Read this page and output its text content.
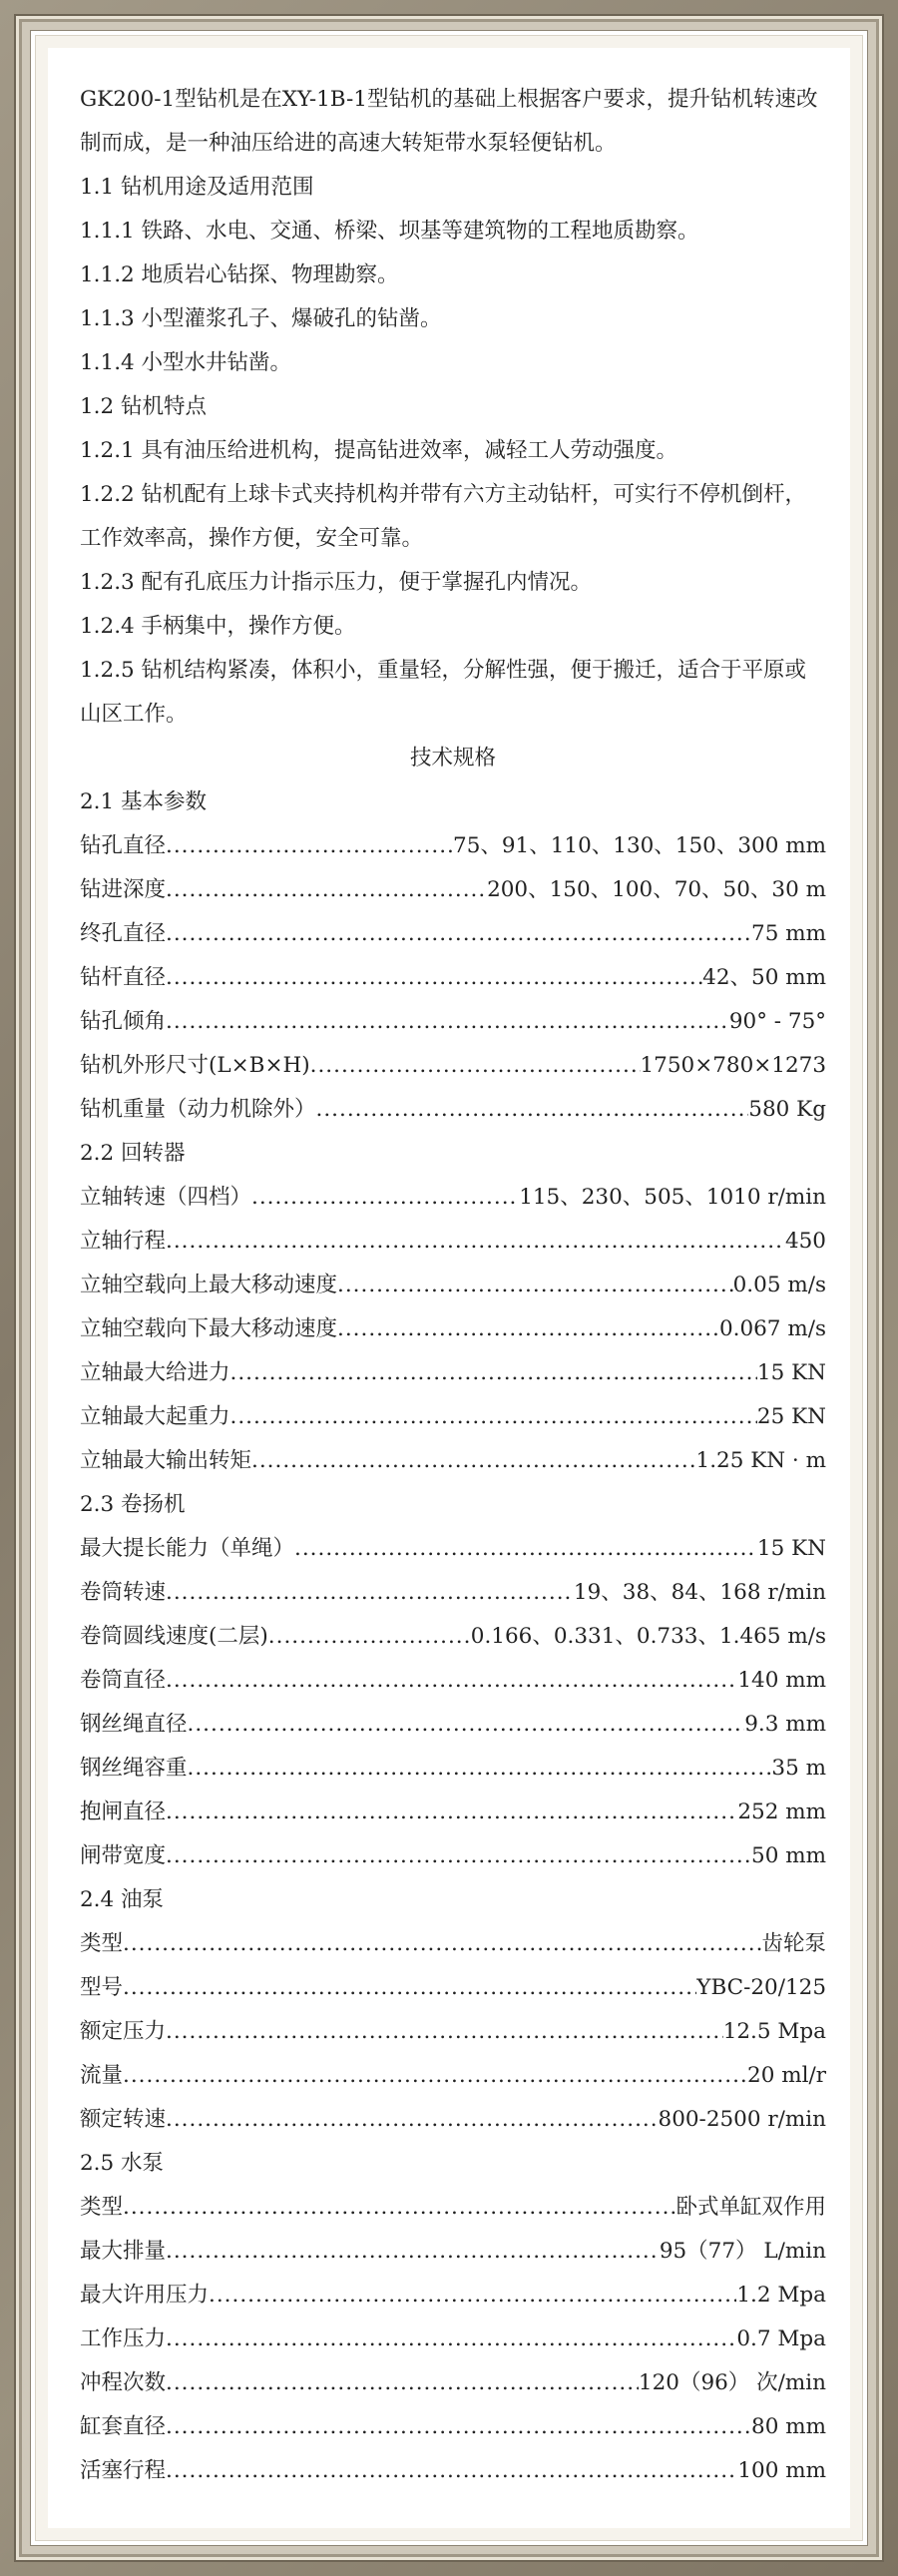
GK200-1型钻机是在XY-1B-1型钻机的基础上根据客户要求，提升钻机转速改制而成，是一种油压给进的高速大转矩带水泵轻便钻机。

1.1 钻机用途及适用范围
1.1.1 铁路、水电、交通、桥梁、坝基等建筑物的工程地质勘察。
1.1.2 地质岩心钻探、物理勘察。
1.1.3 小型灌浆孔子、爆破孔的钻凿。
1.1.4 小型水井钻凿。
1.2 钻机特点
1.2.1 具有油压给进机构，提高钻进效率，减轻工人劳动强度。

1.2.2 钻机配有上球卡式夹持机构并带有六方主动钻杆，可实行不停机倒杆，工作效率高，操作方便，安全可靠。

1.2.3 配有孔底压力计指示压力，便于掌握孔内情况。
1.2.4 手柄集中，操作方便。

1.2.5 钻机结构紧凑，体积小，重量轻，分解性强，便于搬迁，适合于平原或山区工作。

技术规格
2.1 基本参数
钻孔直径 .....	75、91、110、130、150、300 mm
钻进深度 .....	200、150、100、70、50、30 m
终孔直径 .....	75 mm
钻杆直径 .....	42、50 mm
钻孔倾角 .....	90° - 75°
钻机外形尺寸(L×B×H) .....	1750×780×1273
钻机重量（动力机除外） .....	580 Kg
2.2 回转器
立轴转速（四档） .....	115、230、505、1010 r/min
立轴行程 .....	450
立轴空载向上最大移动速度 .....	0.05 m/s
立轴空载向下最大移动速度 .....	0.067 m/s
立轴最大给进力 .....	15 KN
立轴最大起重力 .....	25 KN
立轴最大输出转矩 .....	1.25 KN · m
2.3 卷扬机
最大提长能力（单绳） .....	15 KN
卷筒转速 .....	19、38、84、168 r/min
卷筒圆线速度(二层) .....	0.166、0.331、0.733、1.465 m/s
卷筒直径 .....	140 mm
钢丝绳直径 .....	9.3 mm
钢丝绳容重 .....	35 m
抱闸直径 .....	252 mm
闸带宽度 .....	50 mm
2.4 油泵
类型 .....	齿轮泵
型号 .....	YBC-20/125
额定压力 .....	12.5 Mpa
流量 .....	20 ml/r
额定转速 .....	800-2500 r/min
2.5 水泵
类型 .....	卧式单缸双作用
最大排量 .....	95（77） L/min
最大许用压力 .....	1.2 Mpa
工作压力 .....	0.7 Mpa
冲程次数 .....	120（96） 次/min
缸套直径 .....	80 mm
活塞行程 .....	100 mm
